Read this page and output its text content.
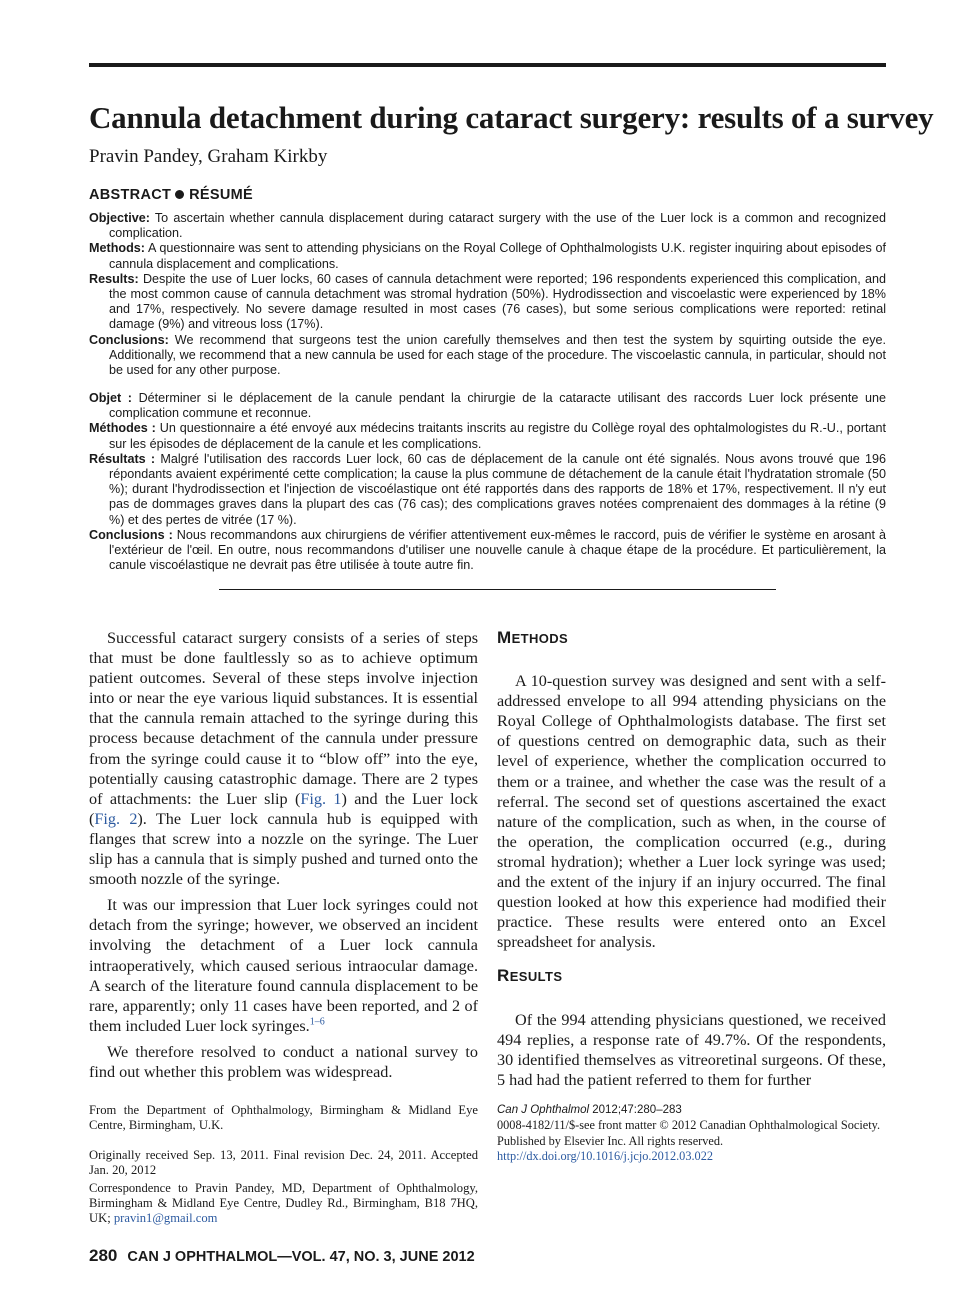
Cannula detachment during cataract surgery: results of a survey

Pravin Pandey, Graham Kirkby

ABSTRACT RÉSUMÉ

Objective: To ascertain whether cannula displacement during cataract surgery with the use of the Luer lock is a common and recognized complication.

Methods: A questionnaire was sent to attending physicians on the Royal College of Ophthalmologists U.K. register inquiring about episodes of cannula displacement and complications.

Results: Despite the use of Luer locks, 60 cases of cannula detachment were reported; 196 respondents experienced this complication, and the most common cause of cannula detachment was stromal hydration (50%). Hydrodissection and viscoelastic were experienced by 18% and 17%, respectively. No severe damage resulted in most cases (76 cases), but some serious complications were reported: retinal damage (9%) and vitreous loss (17%).

Conclusions: We recommend that surgeons test the union carefully themselves and then test the system by squirting outside the eye. Additionally, we recommend that a new cannula be used for each stage of the procedure. The viscoelastic cannula, in particular, should not be used for any other purpose.

Objet : Déterminer si le déplacement de la canule pendant la chirurgie de la cataracte utilisant des raccords Luer lock présente une complication commune et reconnue.

Méthodes : Un questionnaire a été envoyé aux médecins traitants inscrits au registre du Collège royal des ophtalmologistes du R.-U., portant sur les épisodes de déplacement de la canule et les complications.

Résultats : Malgré l'utilisation des raccords Luer lock, 60 cas de déplacement de la canule ont été signalés. Nous avons trouvé que 196 répondants avaient expérimenté cette complication; la cause la plus commune de détachement de la canule était l'hydratation stromale (50 %); durant l'hydrodissection et l'injection de viscoélastique ont été rapportés dans des rapports de 18% et 17%, respectivement. Il n'y eut pas de dommages graves dans la plupart des cas (76 cas); des complications graves notées comprenaient des dommages à la rétine (9 %) et des pertes de vitrée (17 %).

Conclusions : Nous recommandons aux chirurgiens de vérifier attentivement eux-mêmes le raccord, puis de vérifier le système en arosant à l'extérieur de l'œil. En outre, nous recommandons d'utiliser une nouvelle canule à chaque étape de la procédure. Et particulièrement, la canule viscoélastique ne devrait pas être utilisée à toute autre fin.

Successful cataract surgery consists of a series of steps that must be done faultlessly so as to achieve optimum patient outcomes. Several of these steps involve injection into or near the eye various liquid substances. It is essential that the cannula remain attached to the syringe during this process because detachment of the cannula under pressure from the syringe could cause it to “blow off” into the eye, potentially causing catastrophic damage. There are 2 types of attachments: the Luer slip (Fig. 1) and the Luer lock (Fig. 2). The Luer lock cannula hub is equipped with flanges that screw into a nozzle on the syringe. The Luer slip has a cannula that is simply pushed and turned onto the smooth nozzle of the syringe.

It was our impression that Luer lock syringes could not detach from the syringe; however, we observed an incident involving the detachment of a Luer lock cannula intraoperatively, which caused serious intraocular damage. A search of the literature found cannula displacement to be rare, apparently; only 11 cases have been reported, and 2 of them included Luer lock syringes.$^{1-6}$

We therefore resolved to conduct a national survey to find out whether this problem was widespread.

METHODS

A 10-question survey was designed and sent with a self-addressed envelope to all 994 attending physicians on the Royal College of Ophthalmologists database. The first set of questions centred on demographic data, such as their level of experience, whether the complication occurred to them or a trainee, and whether the case was the result of a referral. The second set of questions ascertained the exact nature of the complication, such as when, in the course of the operation, the complication occurred (e.g., during stromal hydration); whether a Luer lock syringe was used; and the extent of the injury if an injury occurred. The final question looked at how this experience had modified their practice. These results were entered onto an Excel spreadsheet for analysis.

RESULTS

Of the 994 attending physicians questioned, we received 494 replies, a response rate of 49.7%. Of the respondents, 30 identified themselves as vitreoretinal surgeons. Of these, 5 had had the patient referred to them for further

From the Department of Ophthalmology, Birmingham & Midland Eye Centre, Birmingham, U.K.

Originally received Sep. 13, 2011. Final revision Dec. 24, 2011. Accepted Jan. 20, 2012

Correspondence to Pravin Pandey, MD, Department of Ophthalmology, Birmingham & Midland Eye Centre, Dudley Rd., Birmingham, B18 7HQ, UK; pravin1@gmail.com

Can J Ophthalmol 2012;47:280–283

0008-4182/11/$-see front matter © 2012 Canadian Ophthalmological Society. Published by Elsevier Inc. All rights reserved.

http://dx.doi.org/10.1016/j.jcjo.2012.03.022

280 CAN J OPHTHALMOL—VOL. 47, NO. 3, JUNE 2012
